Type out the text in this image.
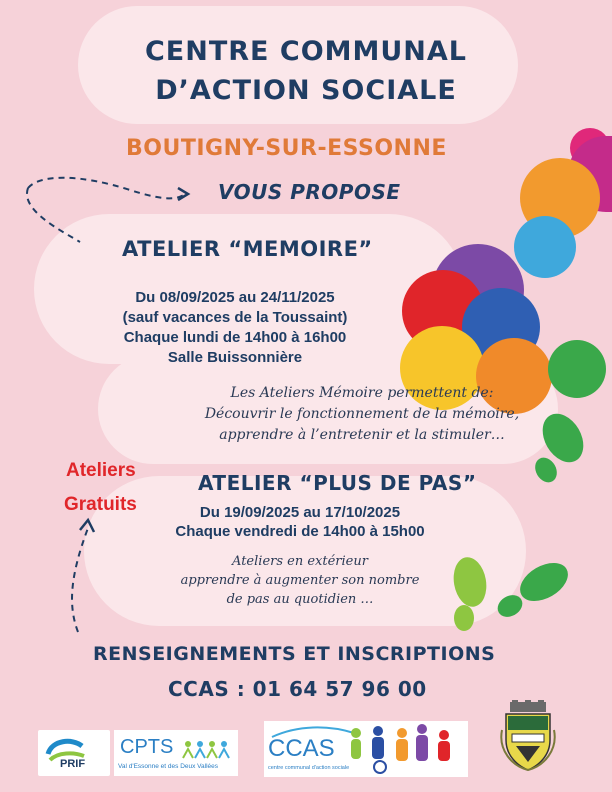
CENTRE COMMUNAL
D’ACTION SOCIALE
BOUTIGNY-SUR-ESSONNE
VOUS PROPOSE
ATELIER “MEMOIRE”
Du 08/09/2025 au 24/11/2025
(sauf vacances de la Toussaint)
Chaque lundi de 14h00 à 16h00
Salle Buissonnière
Les Ateliers Mémoire permettent de:
Découvrir le fonctionnement de la mémoire,
apprendre à l’entretenir et la stimuler…
Ateliers
Gratuits
ATELIER “PLUS DE PAS”
Du 19/09/2025 au 17/10/2025
Chaque vendredi de 14h00 à 15h00
Ateliers en extérieur
apprendre à augmenter son nombre
de pas au quotidien …
RENSEIGNEMENTS ET INSCRIPTIONS
CCAS : 01 64 57 96 00
PRIF
CPTS
Val d'Essonne et des Deux Vallées
CCAS
centre communal d'action sociale
